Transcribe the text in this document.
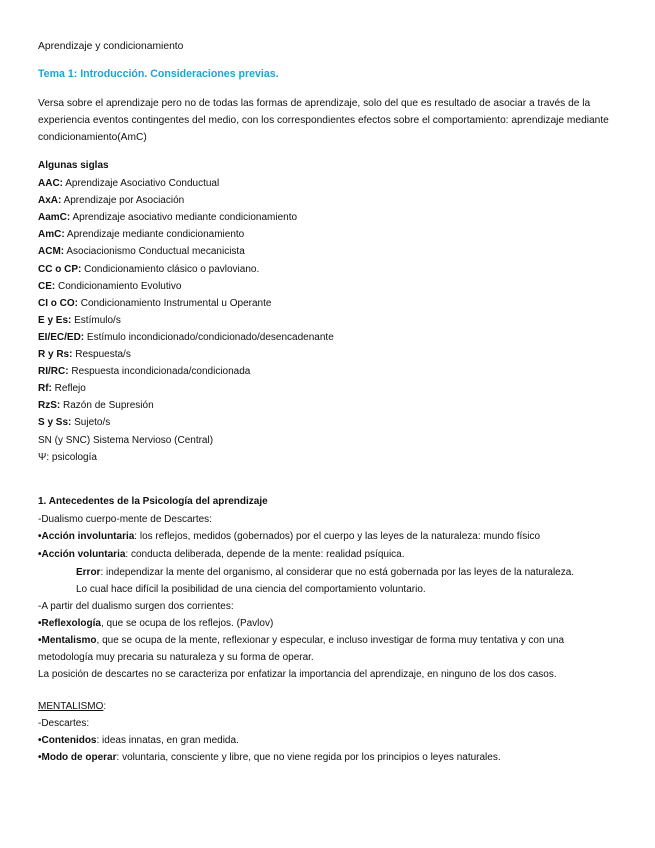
Aprendizaje y condicionamiento
Tema 1: Introducción. Consideraciones previas.
Versa sobre el aprendizaje pero no de todas las formas de aprendizaje, solo del que es resultado de asociar a través de la experiencia eventos contingentes del medio, con los correspondientes efectos sobre el comportamiento: aprendizaje mediante condicionamiento(AmC)
Algunas siglas
AAC: Aprendizaje Asociativo Conductual
AxA: Aprendizaje por Asociación
AamC: Aprendizaje asociativo mediante condicionamiento
AmC: Aprendizaje mediante condicionamiento
ACM: Asociacionismo Conductual mecanicista
CC o CP: Condicionamiento clásico o pavloviano.
CE: Condicionamiento Evolutivo
CI o CO: Condicionamiento Instrumental u Operante
E y Es: Estímulo/s
EI/EC/ED: Estímulo incondicionado/condicionado/desencadenante
R y Rs: Respuesta/s
RI/RC: Respuesta incondicionada/condicionada
Rf: Reflejo
RzS: Razón de Supresión
S y Ss: Sujeto/s
SN (y SNC) Sistema Nervioso (Central)
Ψ: psicología
1. Antecedentes de la Psicología del aprendizaje
-Dualismo cuerpo-mente de Descartes:
•Acción involuntaria: los reflejos, medidos (gobernados) por el cuerpo y las leyes de la naturaleza: mundo físico
•Acción voluntaria: conducta deliberada, depende de la mente: realidad psíquica.
Error: independizar la mente del organismo, al considerar que no está gobernada por las leyes de la naturaleza.
Lo cual hace difícil la posibilidad de una ciencia del comportamiento voluntario.
-A partir del dualismo surgen dos corrientes:
•Reflexología, que se ocupa de los reflejos. (Pavlov)
•Mentalismo, que se ocupa de la mente, reflexionar y especular, e incluso investigar de forma muy tentativa y con una
metodología muy precaria su naturaleza y su forma de operar.
La posición de descartes no se caracteriza por enfatizar la importancia del aprendizaje, en ninguno de los dos casos.
MENTALISMO:
-Descartes:
•Contenidos: ideas innatas, en gran medida.
•Modo de operar: voluntaria, consciente y libre, que no viene regida por los principios o leyes naturales.
